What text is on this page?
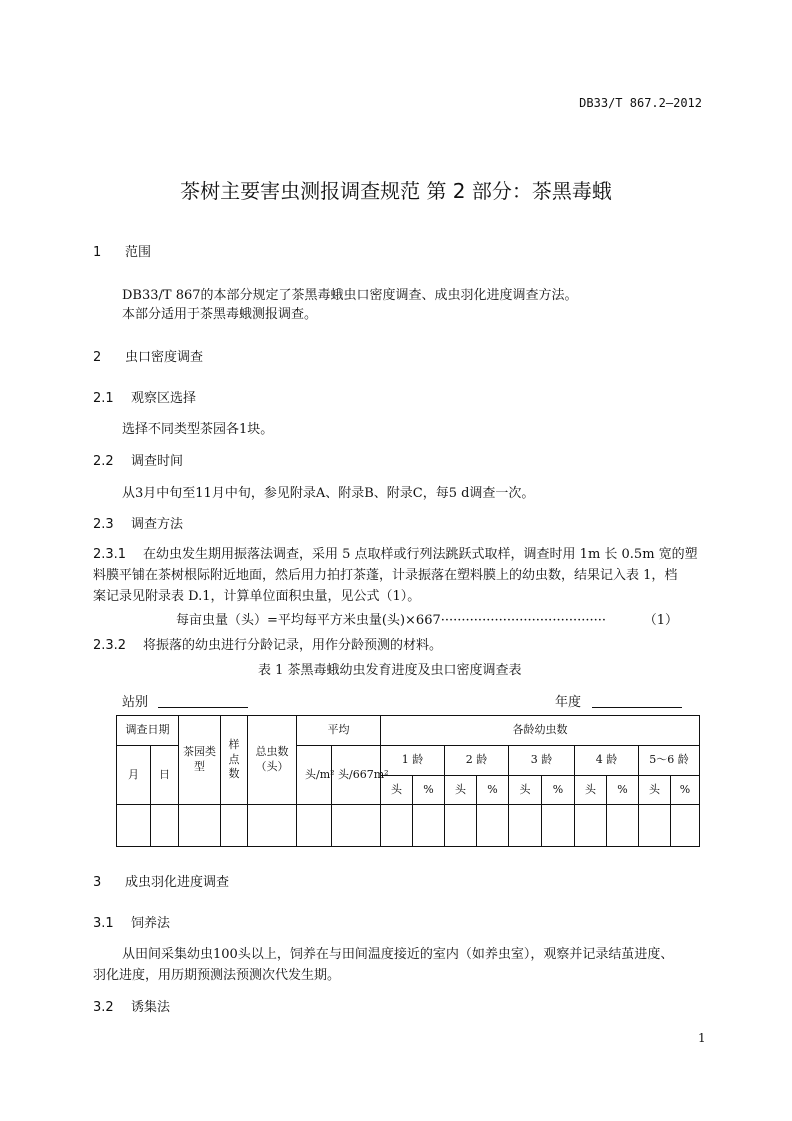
DB33/T 867.2—2012
茶树主要害虫测报调查规范 第 2 部分：茶黑毒蛾
1 范围
DB33/T 867的本部分规定了茶黑毒蛾虫口密度调查、成虫羽化进度调查方法。
本部分适用于茶黑毒蛾测报调查。
2 虫口密度调查
2.1 观察区选择
选择不同类型茶园各1块。
2.2 调查时间
从3月中旬至11月中旬，参见附录A、附录B、附录C，每5 d调查一次。
2.3 调查方法
2.3.1 在幼虫发生期用振落法调查，采用 5 点取样或行列法跳跃式取样，调查时用 1m 长 0.5m 宽的塑
料膜平铺在茶树根际附近地面，然后用力拍打茶蓬，计录振落在塑料膜上的幼虫数，结果记入表 1，档
案记录见附录表 D.1，计算单位面积虫量，见公式（1）。
每亩虫量（头）=平均每平方米虫量(头)×667········································	（1）
2.3.2 将振落的幼虫进行分龄记录，用作分龄预测的材料。
表 1 茶黑毒蛾幼虫发育进度及虫口密度调查表
站别	年度
调查日期		茶园类型	样点数	总虫数（头）	平均		各龄幼虫数									
月	日				头/m²	头/667m²	1 龄		2 龄		3 龄		4 龄		5～6 龄	
							头	%	头	%	头	%	头	%	头	%

3 成虫羽化进度调查
3.1 饲养法
从田间采集幼虫100头以上，饲养在与田间温度接近的室内（如养虫室），观察并记录结茧进度、
羽化进度，用历期预测法预测次代发生期。
3.2 诱集法
1
